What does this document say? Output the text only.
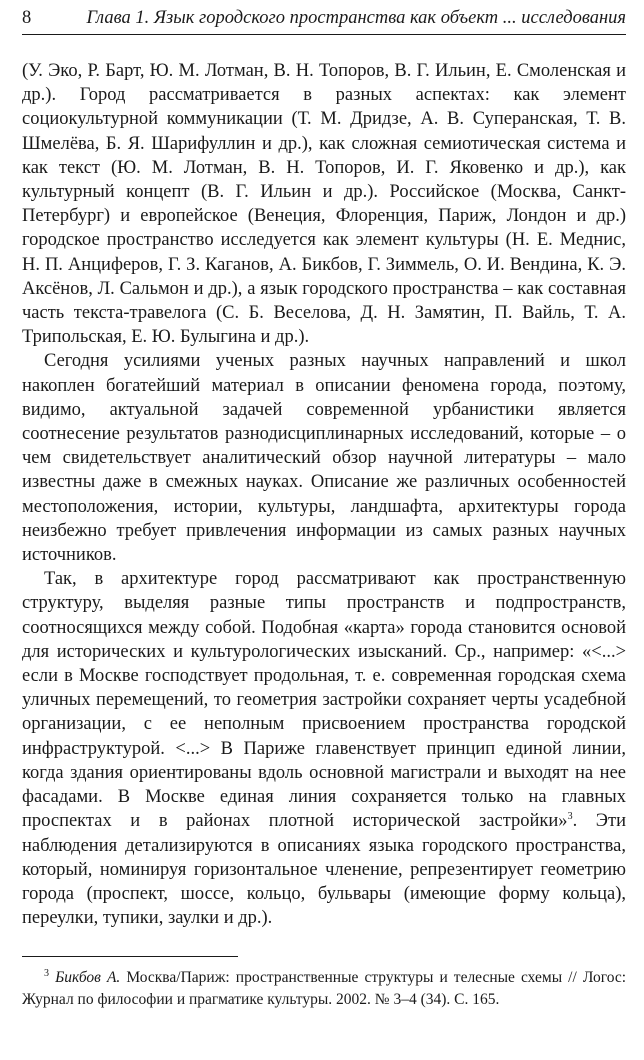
8	Глава 1. Язык городского пространства как объект ... исследования

(У. Эко, Р. Барт, Ю. М. Лотман, В. Н. Топоров, В. Г. Ильин, Е. Смоленская и др.). Город рассматривается в разных аспектах: как элемент социокультурной коммуникации (Т. М. Дридзе, А. В. Суперанская, Т. В. Шмелёва, Б. Я. Шарифуллин и др.), как сложная семиотическая система и как текст (Ю. М. Лотман, В. Н. Топоров, И. Г. Яковенко и др.), как культурный концепт (В. Г. Ильин и др.). Российское (Москва, Санкт-Петербург) и европейское (Венеция, Флоренция, Париж, Лондон и др.) городское пространство исследуется как элемент культуры (Н. Е. Меднис, Н. П. Анциферов, Г. З. Каганов, А. Бикбов, Г. Зиммель, О. И. Вендина, К. Э. Аксёнов, Л. Сальмон и др.), а язык городского пространства – как составная часть текста-травелога (С. Б. Веселова, Д. Н. Замятин, П. Вайль, Т. А. Трипольская, Е. Ю. Булыгина и др.).

Сегодня усилиями ученых разных научных направлений и школ накоплен богатейший материал в описании феномена города, поэтому, видимо, актуальной задачей современной урбанистики является соотнесение результатов разнодисциплинарных исследований, которые – о чем свидетельствует аналитический обзор научной литературы – мало известны даже в смежных науках. Описание же различных особенностей местоположения, истории, культуры, ландшафта, архитектуры города неизбежно требует привлечения информации из самых разных научных источников.

Так, в архитектуре город рассматривают как пространственную структуру, выделяя разные типы пространств и подпространств, соотносящихся между собой. Подобная «карта» города становится основой для исторических и культурологических изысканий. Ср., например: «<...> если в Москве господствует продольная, т. е. современная городская схема уличных перемещений, то геометрия застройки сохраняет черты усадебной организации, с ее неполным присвоением пространства городской инфраструктурой. <...> В Париже главенствует принцип единой линии, когда здания ориентированы вдоль основной магистрали и выходят на нее фасадами. В Москве единая линия сохраняется только на главных проспектах и в районах плотной исторической застройки»$^3$. Эти наблюдения детализируются в описаниях языка городского пространства, который, номинируя горизонтальное членение, репрезентирует геометрию города (проспект, шоссе, кольцо, бульвары (имеющие форму кольца), переулки, тупики, заулки и др.).

$^3$ Бикбов А. Москва/Париж: пространственные структуры и телесные схемы // Логос: Журнал по философии и прагматике культуры. 2002. № 3–4 (34). С. 165.
